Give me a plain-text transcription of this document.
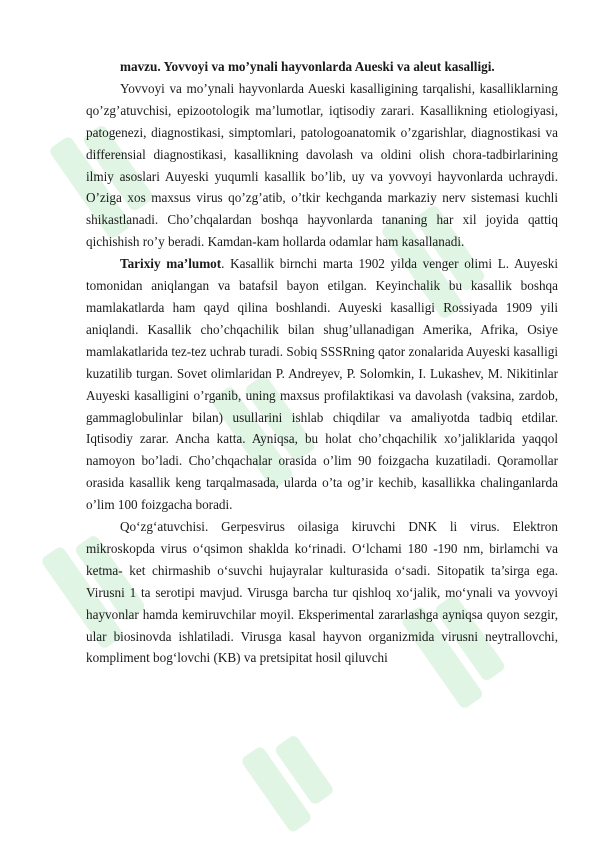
mavzu. Yovvoyi va mo’ynali hayvonlarda Aueski va aleut kasalligi.

Yovvoyi va mo’ynali hayvonlarda Aueski kasalligining tarqalishi, kasalliklarning qo’zg’atuvchisi, epizootologik ma’lumotlar, iqtisodiy zarari. Kasallikning etiologiyasi, patogenezi, diagnostikasi, simptomlari, patologoanatomik o’zgarishlar, diagnostikasi va differensial diagnostikasi, kasallikning davolash va oldini olish chora-tadbirlarining ilmiy asoslari Auyeski yuqumli kasallik bo’lib, uy va yovvoyi hayvonlarda uchraydi. O’ziga xos maxsus virus qo’zg’atib, o’tkir kechganda markaziy nerv sistemasi kuchli shikastlanadi. Cho’chqalardan boshqa hayvonlarda tananing har xil joyida qattiq qichishish ro’y beradi. Kamdan-kam hollarda odamlar ham kasallanadi.

Tarixiy ma’lumot. Kasallik birnchi marta 1902 yilda venger olimi L. Auyeski tomonidan aniqlangan va batafsil bayon etilgan. Keyinchalik bu kasallik boshqa mamlakatlarda ham qayd qilina boshlandi. Auyeski kasalligi Rossiyada 1909 yili aniqlandi. Kasallik cho’chqachilik bilan shug’ullanadigan Amerika, Afrika, Osiye mamlakatlarida tez-tez uchrab turadi. Sobiq SSSRning qator zonalarida Auyeski kasalligi kuzatilib turgan. Sovet olimlaridan P. Andreyev, P. Solomkin, I. Lukashev, M. Nikitinlar Auyeski kasalligini o’rganib, uning maxsus profilaktikasi va davolash (vaksina, zardob, gammaglobulinlar bilan) usullarini ishlab chiqdilar va amaliyotda tadbiq etdilar. Iqtisodiy zarar. Ancha katta. Ayniqsa, bu holat cho’chqachilik xo’jaliklarida yaqqol namoyon bo’ladi. Cho’chqachalar orasida o’lim 90 foizgacha kuzatiladi. Qoramollar orasida kasallik keng tarqalmasada, ularda o’ta og’ir kechib, kasallikka chalinganlarda o’lim 100 foizgacha boradi.

Qo‘zg‘atuvchisi. Gerpesvirus oilasiga kiruvchi DNK li virus. Elektron mikroskopda virus o‘qsimon shaklda ko‘rinadi. O‘lchami 180 -190 nm, birlamchi va ketma- ket chirmashib o‘suvchi hujayralar kulturasida o‘sadi. Sitopatik ta’sirga ega. Virusni 1 ta serotipi mavjud. Virusga barcha tur qishloq xo‘jalik, mo‘ynali va yovvoyi hayvonlar hamda kemiruvchilar moyil. Eksperimental zararlashga ayniqsa quyon sezgir, ular biosinovda ishlatiladi. Virusga kasal hayvon organizmida virusni neytrallovchi, kompliment bog‘lovchi (KB) va pretsipitat hosil qiluvchi
